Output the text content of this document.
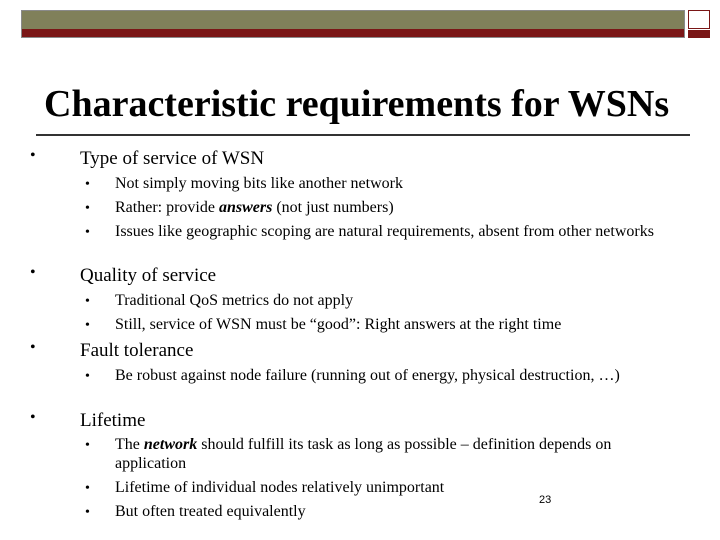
Characteristic requirements for WSNs
• Type of service of WSN
• Not simply moving bits like another network
• Rather: provide answers (not just numbers)
• Issues like geographic scoping are natural requirements, absent from other networks
• Quality of service
• Traditional QoS metrics do not apply
• Still, service of WSN must be “good”: Right answers at the right time
• Fault tolerance
• Be robust against node failure (running out of energy, physical destruction, …)
• Lifetime
• The network should fulfill its task as long as possible – definition depends on application
• Lifetime of individual nodes relatively unimportant
• But often treated equivalently
23
